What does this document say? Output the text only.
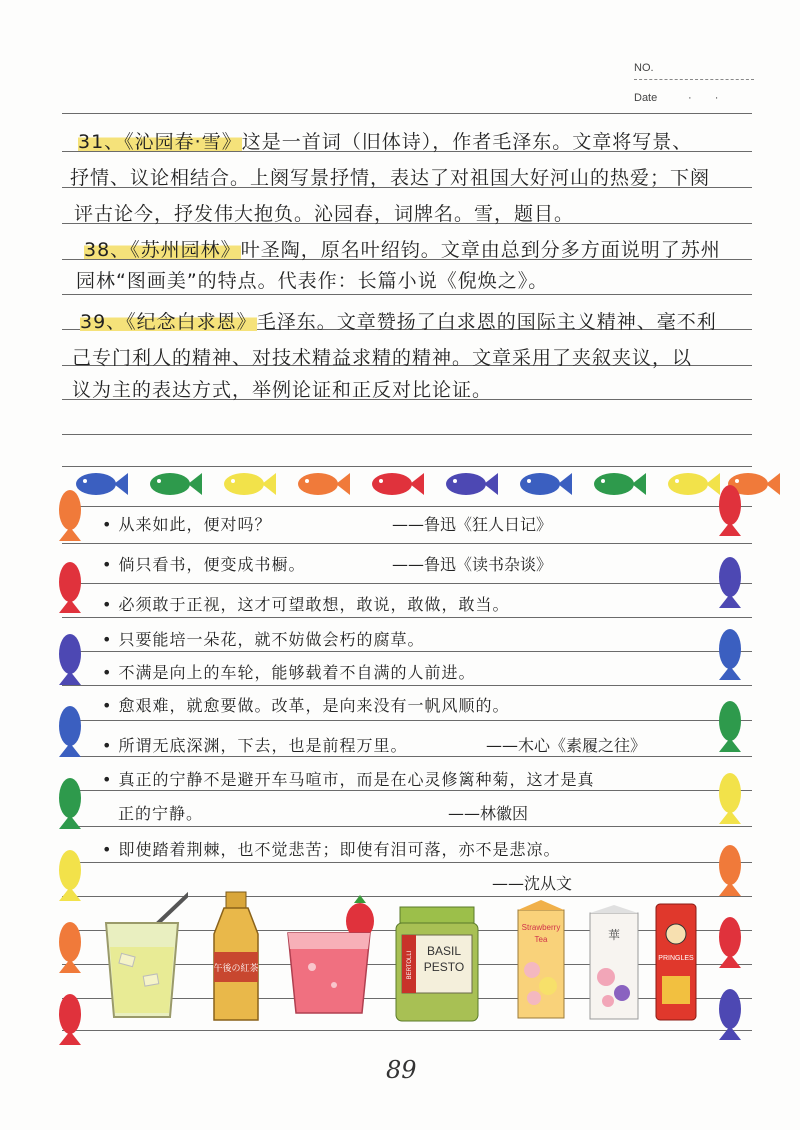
NO.
Date	· ·
31、《沁园春·雪》这是一首词（旧体诗），作者毛泽东。文章将写景、
抒情、议论相结合。上阕写景抒情，表达了对祖国大好河山的热爱；下阕
评古论今，抒发伟大抱负。沁园春，词牌名。雪，题目。
38、《苏州园林》叶圣陶，原名叶绍钧。文章由总到分多方面说明了苏州
园林“图画美”的特点。代表作：长篇小说《倪焕之》。
39、《纪念白求恩》毛泽东。文章赞扬了白求恩的国际主义精神、毫不利
己专门利人的精神、对技术精益求精的精神。文章采用了夹叙夹议，以
议为主的表达方式，举例论证和正反对比论证。
• 从来如此，便对吗？	——鲁迅《狂人日记》
• 倘只看书，便变成书橱。	——鲁迅《读书杂谈》
• 必须敢于正视，这才可望敢想，敢说，敢做，敢当。
• 只要能培一朵花，就不妨做会朽的腐草。
• 不满是向上的车轮，能够载着不自满的人前进。
• 愈艰难，就愈要做。改革，是向来没有一帆风顺的。
• 所谓无底深渊，下去，也是前程万里。	——木心《素履之往》
• 真正的宁静不是避开车马喧市，而是在心灵修篱种菊，这才是真
正的宁静。	——林徽因
• 即使踏着荆棘，也不觉悲苦；即使有泪可落，亦不是悲凉。
——沈从文
午後の紅茶	BERTOLLI BASIL
PESTO
Strawberry
Tea	華
PRINGLES
89
